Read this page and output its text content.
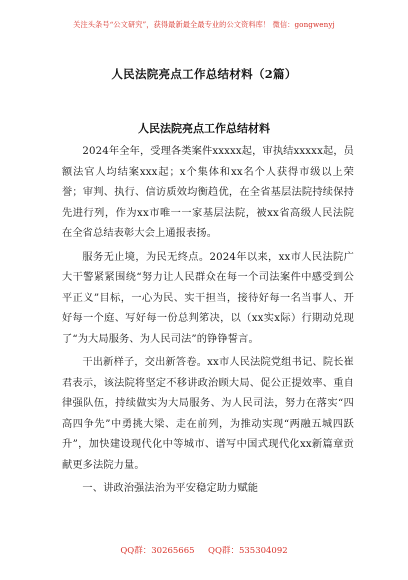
关注头条号“公文研究”，获得最新最全最专业的公文资料库！ 微信：gongwenyj
人民法院亮点工作总结材料（2篇）
人民法院亮点工作总结材料

2024年全年，受理各类案件xxxxx起，审执结xxxxx起，员额法官人均结案xxx起；x个集体和xx名个人获得市级以上荣誉；审判、执行、信访质效均衡趋优，在全省基层法院持续保持先进行列，作为xx市唯一一家基层法院，被xx省高级人民法院在全省总结表彰大会上通报表扬。

服务无止境，为民无终点。2024年以来，xx市人民法院广大干警紧紧围绕“努力让人民群众在每一个司法案件中感受到公平正义”目标，一心为民、实干担当，接待好每一名当事人、开好每一个庭、写好每一份总判笫决，以（xx实x际）行期动兑现了“为大局服务、为人民司法”的铮铮誓言。

干出新样子，交出新答卷。xx市人民法院党组书记、院长崔君表示，该法院将坚定不移讲政治顾大局、促公正提效率、重自律强队伍，持续做实为大局服务、为人民司法，努力在落实“四高四争先”中勇挑大梁、走在前列，为推动实现“两融五城四跃升”，加快建设现代化中等城市、谱写中国式现代化xx新篇章贡献更多法院力量。

一、讲政治强法治为平安稳定助力赋能

QQ群：30265665     QQ群：535304092
